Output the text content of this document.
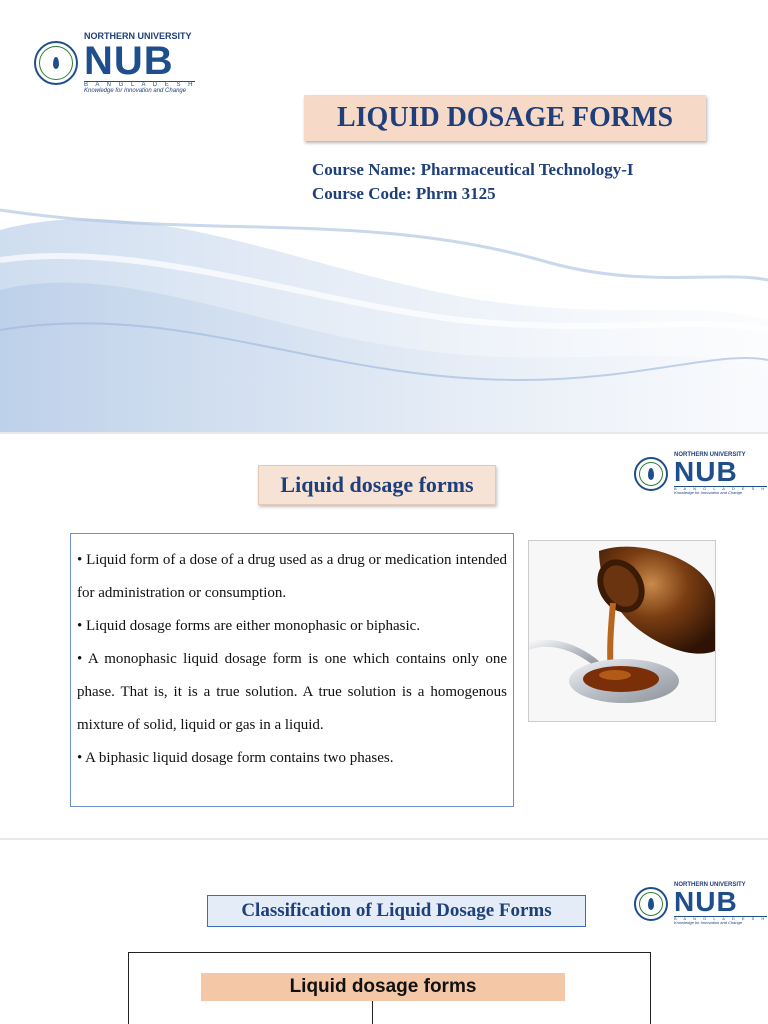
NORTHERN UNIVERSITY
NUB
B A N G L A D E S H
Knowledge for Innovation and Change
LIQUID DOSAGE FORMS
Course Name: Pharmaceutical Technology-I
Course Code: Phrm 3125
NORTHERN UNIVERSITY
NUB
B A N G L A D E S H
Knowledge for Innovation and Change
Liquid dosage forms

• Liquid form of a dose of a drug used as a drug or medication intended for administration or consumption.

• Liquid dosage forms are either monophasic or biphasic.

• A monophasic liquid dosage form is one which contains only one phase. That is, it is a true solution. A true solution is a homogenous mixture of solid, liquid or gas in a liquid.

• A biphasic liquid dosage form contains two phases.

NORTHERN UNIVERSITY
NUB
B A N G L A D E S H
Knowledge for Innovation and Change
Classification of Liquid Dosage Forms
Liquid dosage forms
